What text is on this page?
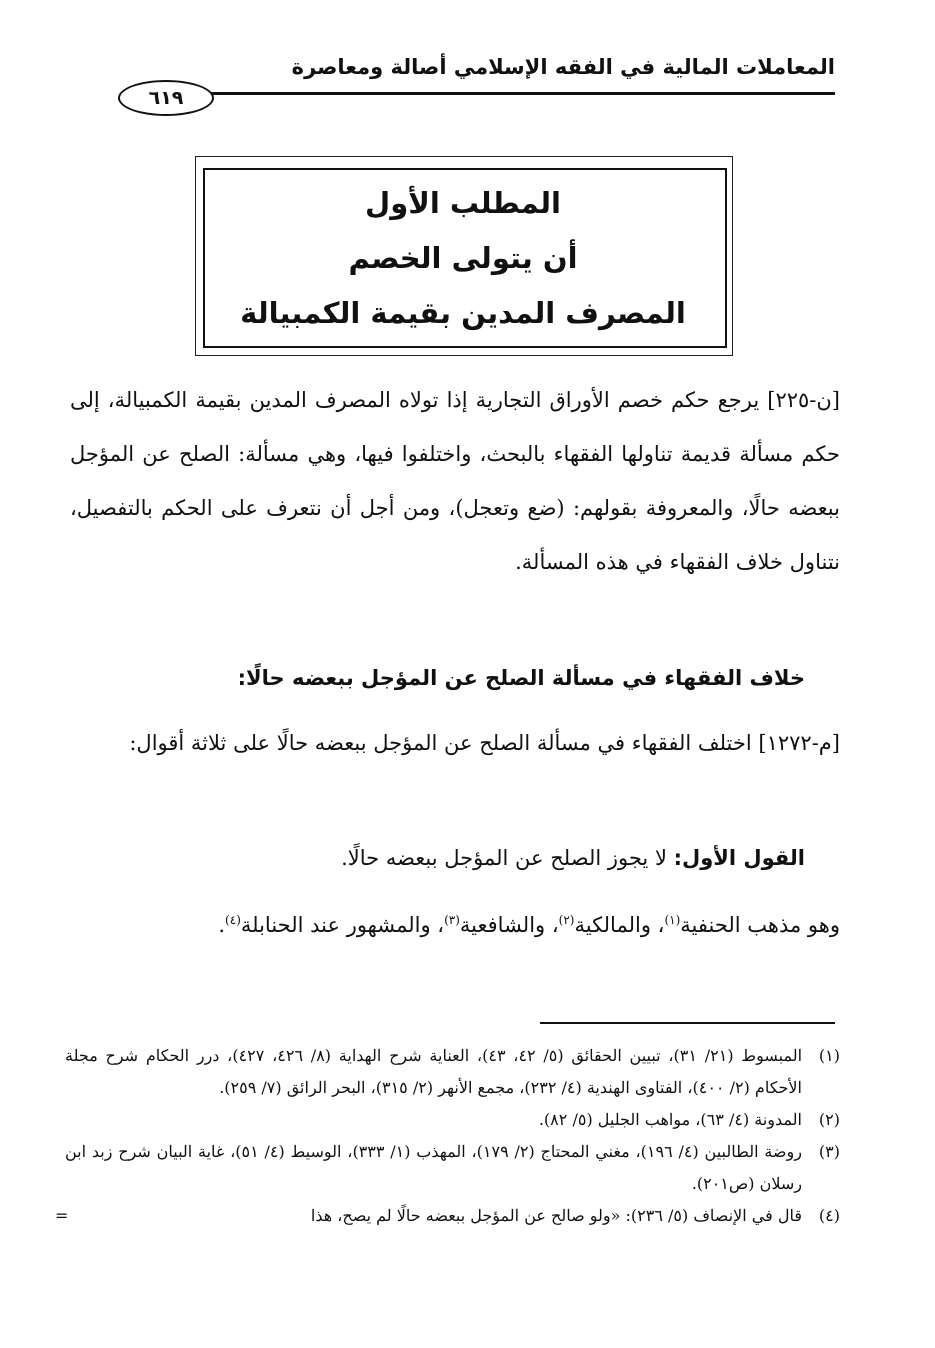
المعاملات المالية في الفقه الإسلامي أصالة ومعاصرة
٦١٩
المطلب الأول
أن يتولى الخصم
المصرف المدين بقيمة الكمبيالة
[ن-٢٢٥] يرجع حكم خصم الأوراق التجارية إذا تولاه المصرف المدين بقيمة الكمبيالة، إلى حكم مسألة قديمة تناولها الفقهاء بالبحث، واختلفوا فيها، وهي مسألة: الصلح عن المؤجل ببعضه حالًا، والمعروفة بقولهم: (ضع وتعجل)، ومن أجل أن نتعرف على الحكم بالتفصيل، نتناول خلاف الفقهاء في هذه المسألة.
خلاف الفقهاء في مسألة الصلح عن المؤجل ببعضه حالًا:
[م-١٢٧٢] اختلف الفقهاء في مسألة الصلح عن المؤجل ببعضه حالًا على ثلاثة أقوال:
القول الأول: لا يجوز الصلح عن المؤجل ببعضه حالًا.
وهو مذهب الحنفية$^{(١)}$، والمالكية$^{(٢)}$، والشافعية$^{(٣)}$، والمشهور عند الحنابلة$^{(٤)}$.
(١)
المبسوط (٢١/ ٣١)، تبيين الحقائق (٥/ ٤٢، ٤٣)، العناية شرح الهداية (٨/ ٤٢٦، ٤٢٧)، درر الحكام شرح مجلة الأحكام (٢/ ٤٠٠)، الفتاوى الهندية (٤/ ٢٣٢)، مجمع الأنهر (٢/ ٣١٥)، البحر الرائق (٧/ ٢٥٩).
(٢)
المدونة (٤/ ٦٣)، مواهب الجليل (٥/ ٨٢).
(٣)
روضة الطالبين (٤/ ١٩٦)، مغني المحتاج (٢/ ١٧٩)، المهذب (١/ ٣٣٣)، الوسيط (٤/ ٥١)، غاية البيان شرح زبد ابن رسلان (ص٢٠١).
(٤)
قال في الإنصاف (٥/ ٢٣٦): «ولو صالح عن المؤجل ببعضه حالًا لم يصح، هذا
=
